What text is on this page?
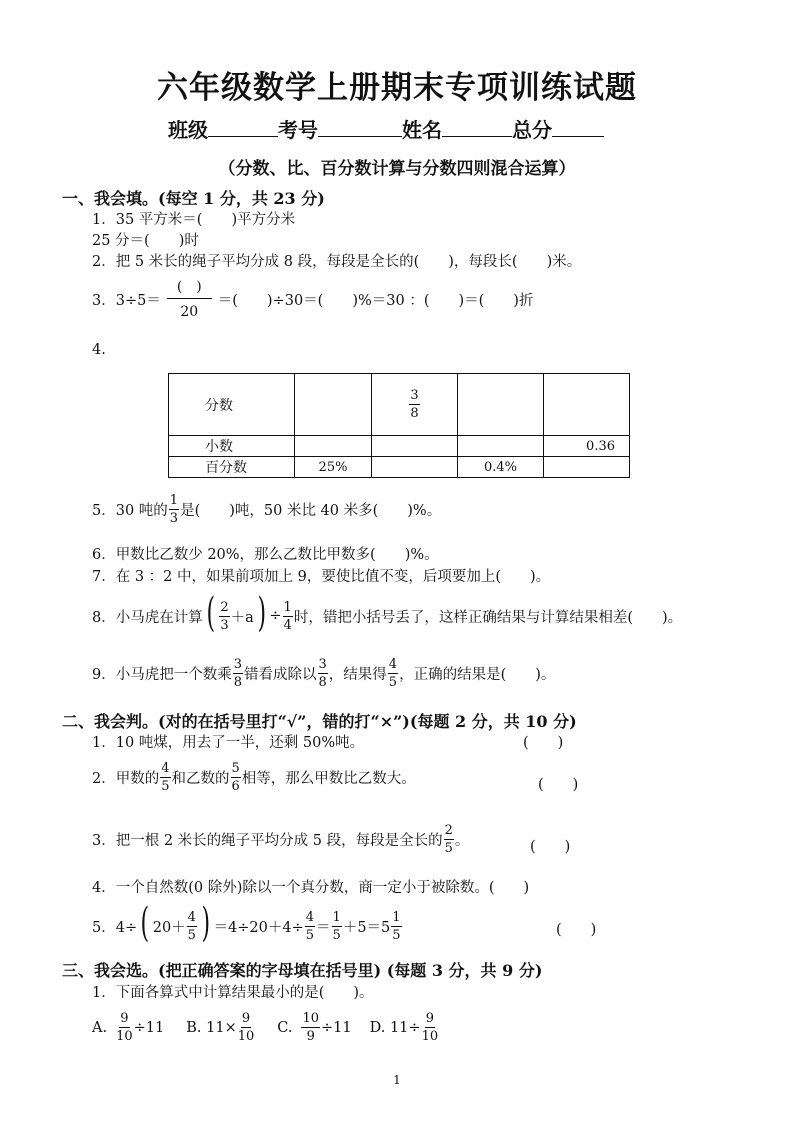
六年级数学上册期末专项训练试题
班级	考号	姓名	总分
（分数、比、百分数计算与分数四则混合运算）
一、我会填。(每空 1 分，共 23 分)
1．35 平方米＝(　　)平方分米
25 分＝(　　)时
2．把 5 米长的绳子平均分成 8 段，每段是全长的(　　)，每段长(　　)米。
3．$3\div 5= \frac{( )}{20}$ ＝(　　)÷30＝(　　)%＝30 ：(　　)＝(　　)折
4.
分数		$\frac{3}{8}$

小数				0.36
百分数	25%		0.4%	
5．30 吨的 $\frac{1}{3}$ 是(　　)吨，50 米比 40 米多(　　)%。
6．甲数比乙数少 20%，那么乙数比甲数多(　　)%。
7．在 3 ：2 中，如果前项加上 9，要使比值不变，后项要加上(　　)。
8．小马虎在计算 ( $\frac{2}{3} +a$ ) ÷ $\frac{1}{4}$ 时，错把小括号丢了，这样正确结果与计算结果相差(　　)。
9．小马虎把一个数乘 $\frac{3}{8}$ 错看成除以 $\frac{3}{8}$ ，结果得 $\frac{4}{5}$ ，正确的结果是(　　)。
二、我会判。(对的在括号里打“√”，错的打“×”)(每题 2 分，共 10 分)
1．10 吨煤，用去了一半，还剩 50%吨。	(　　)
2．甲数的 $\frac{4}{5}$ 和乙数的 $\frac{5}{6}$ 相等，那么甲数比乙数大。	(　　)
3．把一根 2 米长的绳子平均分成 5 段，每段是全长的 $\frac{2}{5}$ 。	(　　)
4．一个自然数(0 除外)除以一个真分数，商一定小于被除数。(　　)
5．4÷ ( $20+ \frac{4}{5}$ ) $=4\div 20+4\div \frac{4}{5} = \frac{1}{5} +5=5 \frac{1}{5}$	(　　)
三、我会选。(把正确答案的字母填在括号里) (每题 3 分，共 9 分)
1．下面各算式中计算结果最小的是(　　)。
A. $\frac{9}{10} \div 11$ B. $11\times \frac{9}{10} C$. $\frac{10}{9} \div 11$ D. $11\div \frac{9}{10}$
1
